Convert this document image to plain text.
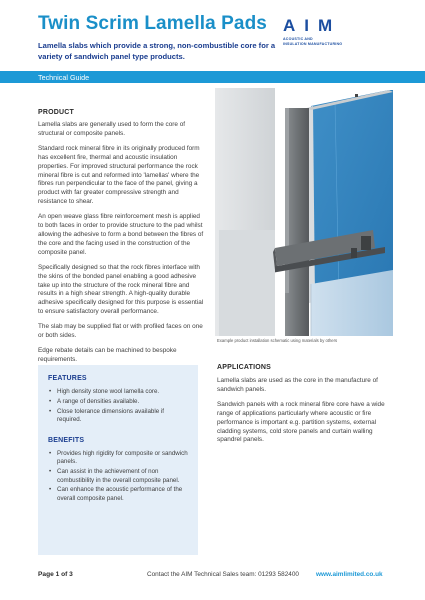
Twin Scrim Lamella Pads
Lamella slabs which provide a strong, non-combustible core for a variety of sandwich panel type products.
AIM
ACOUSTIC AND
INSULATION MANUFACTURING
Technical Guide
PRODUCT

Lamella slabs are generally used to form the core of structural or composite panels.

Standard rock mineral fibre in its originally produced form has excellent fire, thermal and acoustic insulation properties. For improved structural performance the rock mineral fibre is cut and reformed into 'lamellas' where the fibres run perpendicular to the face of the panel, giving a product with far greater compressive strength and resistance to shear.

An open weave glass fibre reinforcement mesh is applied to both faces in order to provide structure to the pad whilst allowing the adhesive to form a bond between the fibres of the core and the facing used in the construction of the composite panel.

Specifically designed so that the rock fibres interface with the skins of the bonded panel enabling a good adhesive take up into the structure of the rock mineral fibre and results in a high shear strength. A high-quality durable adhesive specifically designed for this purpose is essential to ensure satisfactory overall performance.

The slab may be supplied flat or with profiled faces on one or both sides.

Edge rebate details can be machined to bespoke requirements.

Example product installation schematic using materials by others
APPLICATIONS

Lamella slabs are used as the core in the manufacture of sandwich panels.

Sandwich panels with a rock mineral fibre core have a wide range of applications particularly where acoustic or fire performance is important e.g. partition systems, external cladding systems, cold store panels and curtain walling spandrel panels.

FEATURES
• High density stone wool lamella core.
• A range of densities available.
• Close tolerance dimensions available if required.
BENEFITS
• Provides high rigidity for composite or sandwich panels.
• Can assist in the achievement of non combustibility in the overall composite panel.
• Can enhance the acoustic performance of the overall composite panel.
Page 1 of 3	Contact the AIM Technical Sales team: 01293 582400	www.aimlimited.co.uk
